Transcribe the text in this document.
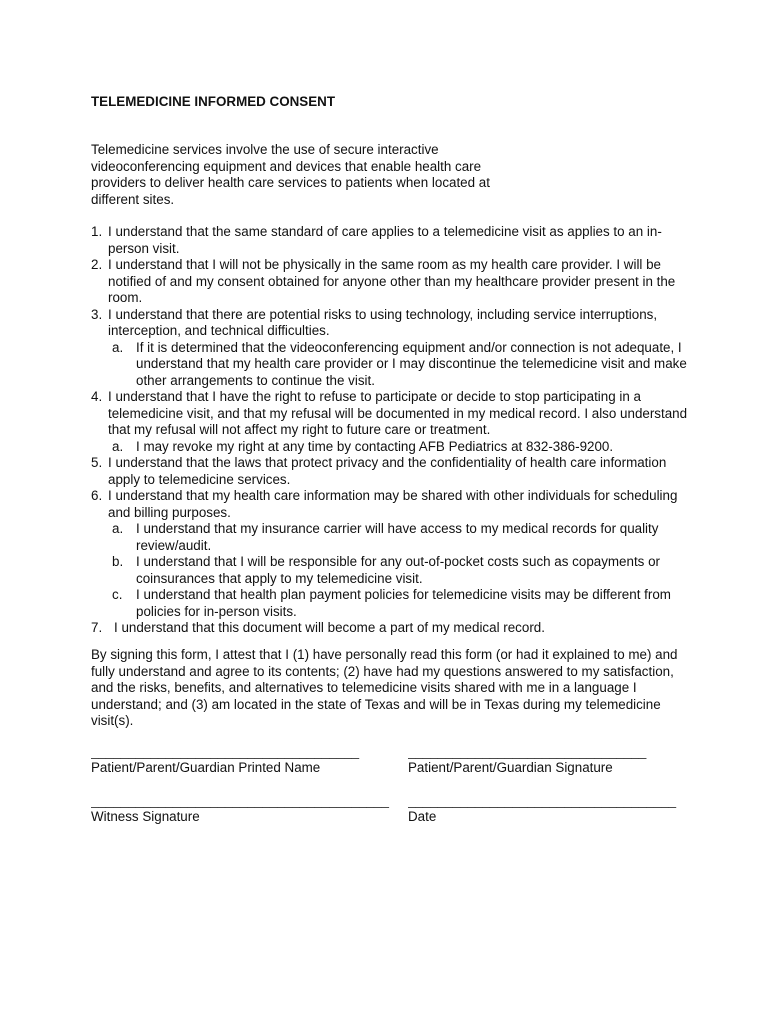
TELEMEDICINE INFORMED CONSENT

Telemedicine services involve the use of secure interactive videoconferencing equipment and devices that enable health care providers to deliver health care services to patients when located at different sites.

1. I understand that the same standard of care applies to a telemedicine visit as applies to an in-person visit.
2. I understand that I will not be physically in the same room as my health care provider. I will be notified of and my consent obtained for anyone other than my healthcare provider present in the room.
3. I understand that there are potential risks to using technology, including service interruptions, interception, and technical difficulties.
a. If it is determined that the videoconferencing equipment and/or connection is not adequate, I understand that my health care provider or I may discontinue the telemedicine visit and make other arrangements to continue the visit.
4. I understand that I have the right to refuse to participate or decide to stop participating in a telemedicine visit, and that my refusal will be documented in my medical record. I also understand that my refusal will not affect my right to future care or treatment.
a. I may revoke my right at any time by contacting AFB Pediatrics at 832-386-9200.
5. I understand that the laws that protect privacy and the confidentiality of health care information apply to telemedicine services.
6. I understand that my health care information may be shared with other individuals for scheduling and billing purposes.
a. I understand that my insurance carrier will have access to my medical records for quality review/audit.
b. I understand that I will be responsible for any out-of-pocket costs such as copayments or coinsurances that apply to my telemedicine visit.
c. I understand that health plan payment policies for telemedicine visits may be different from policies for in-person visits.
7. I understand that this document will become a part of my medical record.

By signing this form, I attest that I (1) have personally read this form (or had it explained to me) and fully understand and agree to its contents; (2) have had my questions answered to my satisfaction, and the risks, benefits, and alternatives to telemedicine visits shared with me in a language I understand; and (3) am located in the state of Texas and will be in Texas during my telemedicine visit(s).

____________________________________
Patient/Parent/Guardian Printed Name
________________________________
Patient/Parent/Guardian Signature
________________________________________
Witness Signature
____________________________________
Date
